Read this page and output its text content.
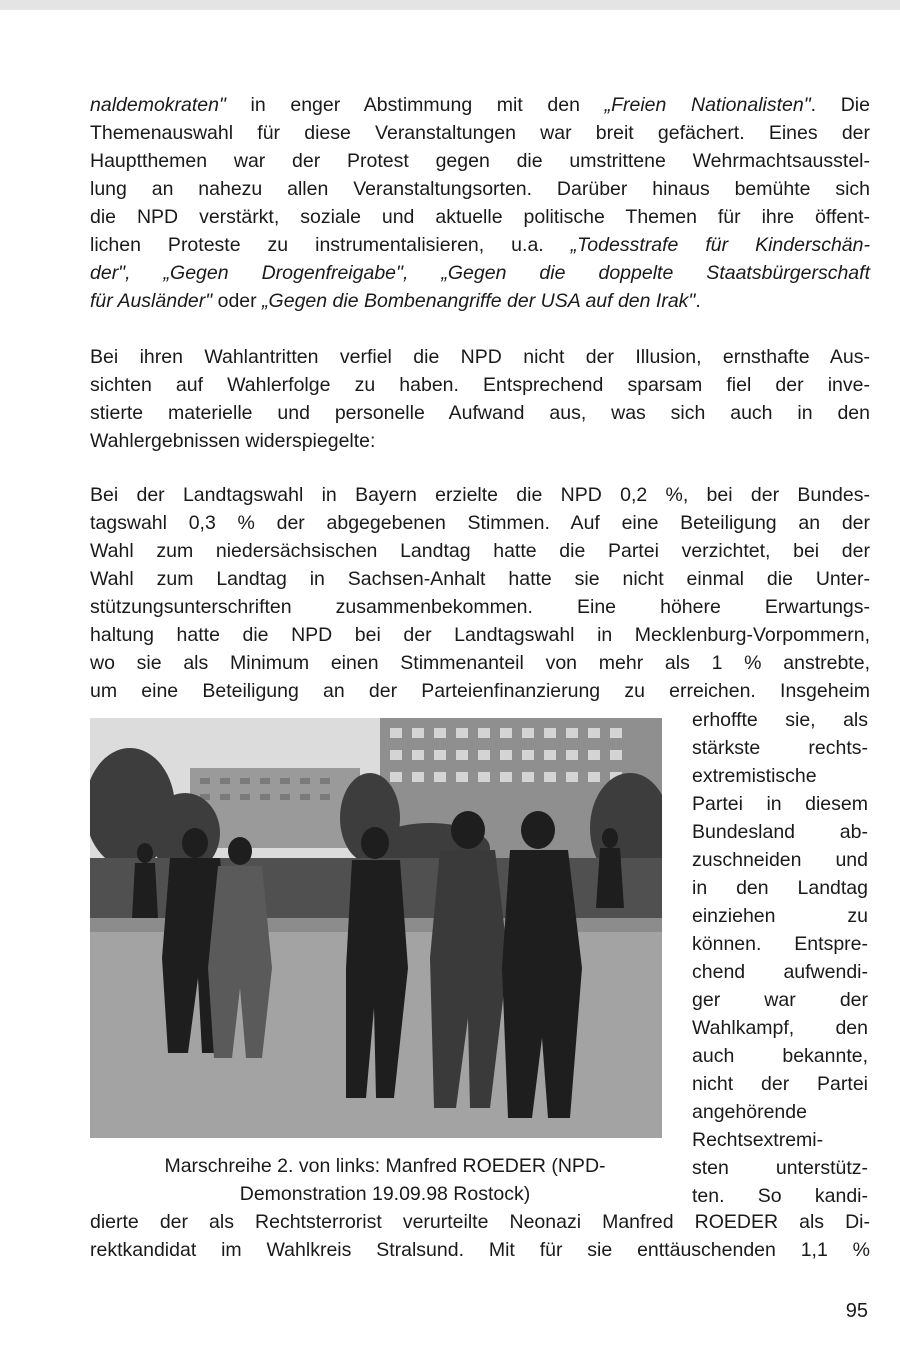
naldemokraten" in enger Abstimmung mit den „Freien Nationalisten". Die
Themenauswahl für diese Veranstaltungen war breit gefächert. Eines der
Hauptthemen war der Protest gegen die umstrittene Wehrmachtsausstel-
lung an nahezu allen Veranstaltungsorten. Darüber hinaus bemühte sich
die NPD verstärkt, soziale und aktuelle politische Themen für ihre öffent-
lichen Proteste zu instrumentalisieren, u.a. „Todesstrafe für Kinderschän-
der", „Gegen Drogenfreigabe", „Gegen die doppelte Staatsbürgerschaft
für Ausländer" oder „Gegen die Bombenangriffe der USA auf den Irak".
Bei ihren Wahlantritten verfiel die NPD nicht der Illusion, ernsthafte Aus-
sichten auf Wahlerfolge zu haben. Entsprechend sparsam fiel der inve-
stierte materielle und personelle Aufwand aus, was sich auch in den
Wahlergebnissen widerspiegelte:
Bei der Landtagswahl in Bayern erzielte die NPD 0,2 %, bei der Bundes-
tagswahl 0,3 % der abgegebenen Stimmen. Auf eine Beteiligung an der
Wahl zum niedersächsischen Landtag hatte die Partei verzichtet, bei der
Wahl zum Landtag in Sachsen-Anhalt hatte sie nicht einmal die Unter-
stützungsunterschriften zusammenbekommen. Eine höhere Erwartungs-
haltung hatte die NPD bei der Landtagswahl in Mecklenburg-Vorpommern,
wo sie als Minimum einen Stimmenanteil von mehr als 1 % anstrebte,
um eine Beteiligung an der Parteienfinanzierung zu erreichen. Insgeheim
erhoffte sie, als
stärkste rechts-
extremistische
Partei in diesem
Bundesland ab-
zuschneiden und
in den Landtag
einziehen zu
können. Entspre-
chend aufwendi-
ger war der
Wahlkampf, den
auch bekannte,
nicht der Partei
angehörende
Rechtsextremi-
sten unterstütz-
ten. So kandi-
Marschreihe 2. von links: Manfred ROEDER (NPD-
Demonstration 19.09.98 Rostock)
dierte der als Rechtsterrorist verurteilte Neonazi Manfred ROEDER als Di-
rektkandidat im Wahlkreis Stralsund. Mit für sie enttäuschenden 1,1 %
95
